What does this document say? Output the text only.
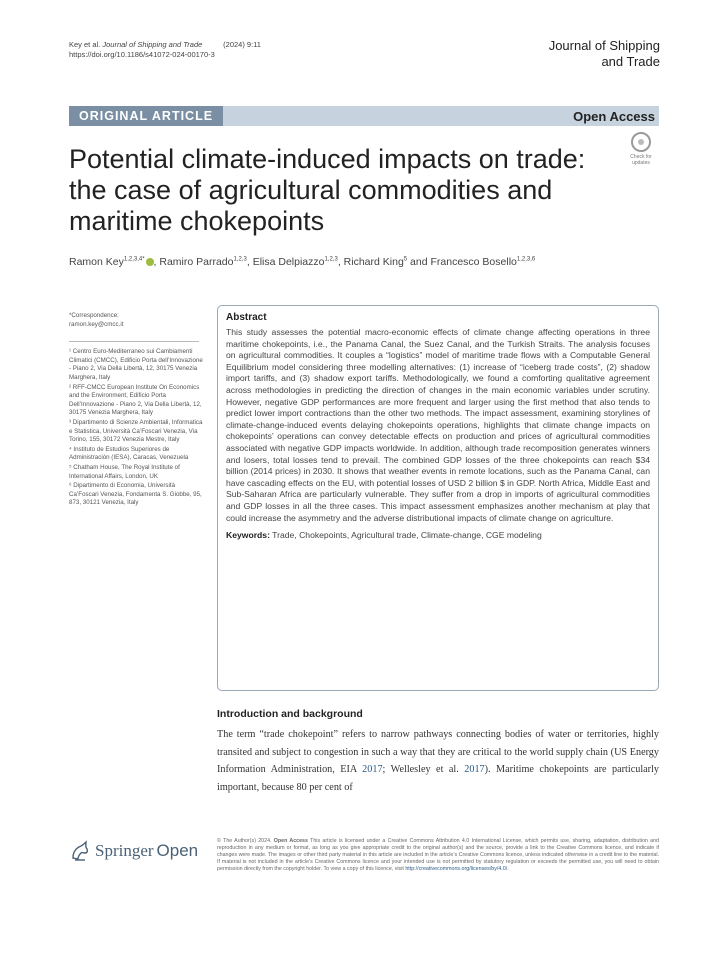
Key et al. Journal of Shipping and Trade	(2024) 9:11
https://doi.org/10.1186/s41072-024-00170-3
Journal of Shipping
and Trade
ORIGINAL ARTICLE	Open Access
Potential climate-induced impacts on trade: the case of agricultural commodities and maritime chokepoints
Check for
updates
Ramon Key$^{1,2,3,4*}$ , Ramiro Parrado$^{1,2,3}$, Elisa Delpiazzo$^{1,2,3}$, Richard King$^5$ and Francesco Bosello$^{1,2,3,6}$
*Correspondence:
ramon.key@cmcc.it

¹ Centro Euro-Mediterraneo sui Cambiamenti Climatici (CMCC), Edificio Porta dell’Innovazione - Piano 2, Via Della Libertà, 12, 30175 Venezia Marghera, Italy

² RFF-CMCC European Institute On Economics and the Environment, Edificio Porta Dell’Innovazione - Piano 2, Via Della Libertà, 12, 30175 Venezia Marghera, Italy

³ Dipartimento di Scienze Ambientali, Informatica e Statistica, Università Ca’Foscari Venezia, Via Torino, 155, 30172 Venezia Mestre, Italy

⁴ Instituto de Estudios Superiores de Administración (IESA), Caracas, Venezuela

⁵ Chatham House, The Royal Institute of International Affairs, London, UK

⁶ Dipartimento di Economia, Università Ca’Foscari Venezia, Fondamenta S. Giobbe, 95, 873, 30121 Venezia, Italy

Abstract

This study assesses the potential macro-economic effects of climate change affecting operations in three maritime chokepoints, i.e., the Panama Canal, the Suez Canal, and the Turkish Straits. The analysis focuses on agricultural commodities. It couples a “logistics” model of maritime trade flows with a Computable General Equilibrium model considering three modelling alternatives: (1) increase of “iceberg trade costs”, (2) shadow import tariffs, and (3) shadow export tariffs. Methodologically, we found a comforting qualitative agreement across methodologies in predicting the direction of changes in the main economic variables under scrutiny. However, negative GDP performances are more frequent and larger using the first method that also tends to predict lower import contractions than the other two methods. The impact assessment, examining storylines of climate-change-induced events delaying chokepoints operations, highlights that climate change impacts on chokepoints’ operations can convey detectable effects on production and prices of agricultural commodities associated with negative GDP impacts worldwide. In addition, although trade recomposition generates winners and losers, total losses tend to prevail. The combined GDP losses of the three chokepoints can reach $34 billion (2014 prices) in 2030. It shows that weather events in remote locations, such as the Panama Canal, can have cascading effects on the EU, with potential losses of USD 2 billion $ in GDP. North Africa, Middle East and Sub-Saharan Africa are particularly vulnerable. They suffer from a drop in imports of agricultural commodities and GDP losses in all the three cases. This impact assessment emphasizes another mechanism at play that could increase the asymmetry and the adverse distributional impacts of climate change on agriculture.

Keywords: Trade, Chokepoints, Agricultural trade, Climate-change, CGE modeling
Introduction and background

The term “trade chokepoint” refers to narrow pathways connecting bodies of water or territories, highly transited and subject to congestion in such a way that they are critical to the world supply chain (US Energy Information Administration, EIA 2017; Wellesley et al. 2017). Maritime chokepoints are particularly important, because 80 per cent of

Springer Open	© The Author(s) 2024. Open Access This article is licensed under a Creative Commons Attribution 4.0 International License, which permits use, sharing, adaptation, distribution and reproduction in any medium or format, as long as you give appropriate credit to the original author(s) and the source, provide a link to the Creative Commons licence, and indicate if changes were made. The images or other third party material in this article are included in the article’s Creative Commons licence, unless indicated otherwise in a credit line to the material. If material is not included in the article’s Creative Commons licence and your intended use is not permitted by statutory regulation or exceeds the permitted use, you will need to obtain permission directly from the copyright holder. To view a copy of this licence, visit http://creativecommons.org/licenses/by/4.0/.
